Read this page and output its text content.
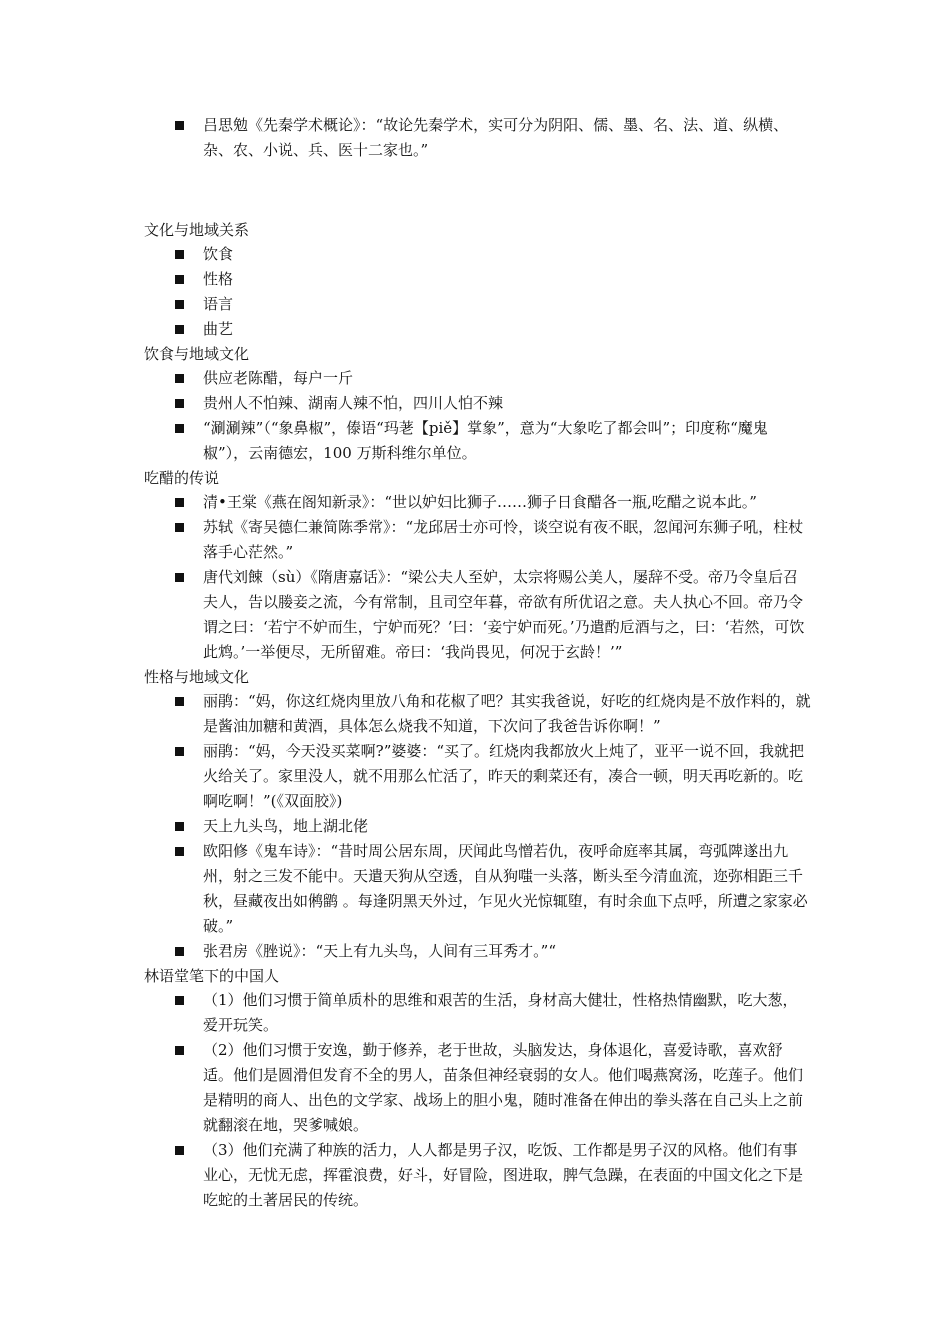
吕思勉《先秦学术概论》：“故论先秦学术，实可分为阴阳、儒、墨、名、法、道、纵横、杂、农、小说、兵、医十二家也。”

文化与地域关系

饮食
性格
语言
曲艺

饮食与地域文化

供应老陈醋，每户一斤
贵州人不怕辣、湖南人辣不怕，四川人怕不辣
“涮涮辣”（“象鼻椒”，傣语“玛荖【piě】掌象”，意为“大象吃了都会叫”；印度称“魔鬼椒”），云南德宏，100 万斯科维尔单位。

吃醋的传说

清•王棠《燕在阁知新录》：“世以妒妇比狮子……狮子日食醋各一瓶,吃醋之说本此。”
苏轼《寄吴德仁兼简陈季常》：“龙邱居士亦可怜，谈空说有夜不眠，忽闻河东狮子吼，柱杖落手心茫然。”
唐代刘餗（sù）《隋唐嘉话》：“梁公夫人至妒，太宗将赐公美人，屡辞不受。帝乃令皇后召夫人，告以媵妾之流，今有常制，且司空年暮，帝欲有所优诏之意。夫人执心不回。帝乃令谓之曰：‘若宁不妒而生，宁妒而死？’曰：‘妾宁妒而死。’乃遣酌卮酒与之，曰：‘若然，可饮此鸩。’一举便尽，无所留难。帝曰：‘我尚畏见，何况于玄龄！’”

性格与地域文化

丽鹃：“妈，你这红烧肉里放八角和花椒了吧？其实我爸说，好吃的红烧肉是不放作料的，就是酱油加糖和黄酒，具体怎么烧我不知道，下次问了我爸告诉你啊！”
丽鹃：“妈，今天没买菜啊?”婆婆：“买了。红烧肉我都放火上炖了，亚平一说不回，我就把火给关了。家里没人，就不用那么忙活了，昨天的剩菜还有，凑合一顿，明天再吃新的。吃啊吃啊！”(《双面胶》)
天上九头鸟，地上湖北佬
欧阳修《鬼车诗》：“昔时周公居东周，厌闻此鸟憎若仇，夜呼命庭率其属，弯弧陴遂出九州，射之三发不能中。天遣天狗从空透，自从狗嗤一头落，断头至今清血流，迩弥相距三千秋，昼藏夜出如鸺鹠 。每逢阴黑天外过，乍见火光惊辄堕，有时余血下点呼，所遭之家家必破。”
张君房《脞说》：“天上有九头鸟，人间有三耳秀才。”“

林语堂笔下的中国人

（1）他们习惯于简单质朴的思维和艰苦的生活，身材高大健壮，性格热情幽默，吃大葱，爱开玩笑。
（2）他们习惯于安逸，勤于修养，老于世故，头脑发达，身体退化，喜爱诗歌，喜欢舒适。他们是圆滑但发育不全的男人，苗条但神经衰弱的女人。他们喝燕窝汤，吃莲子。他们是精明的商人、出色的文学家、战场上的胆小鬼，随时准备在伸出的拳头落在自己头上之前就翻滚在地，哭爹喊娘。
（3）他们充满了种族的活力，人人都是男子汉，吃饭、工作都是男子汉的风格。他们有事业心，无忧无虑，挥霍浪费，好斗，好冒险，图进取，脾气急躁，在表面的中国文化之下是吃蛇的土著居民的传统。
